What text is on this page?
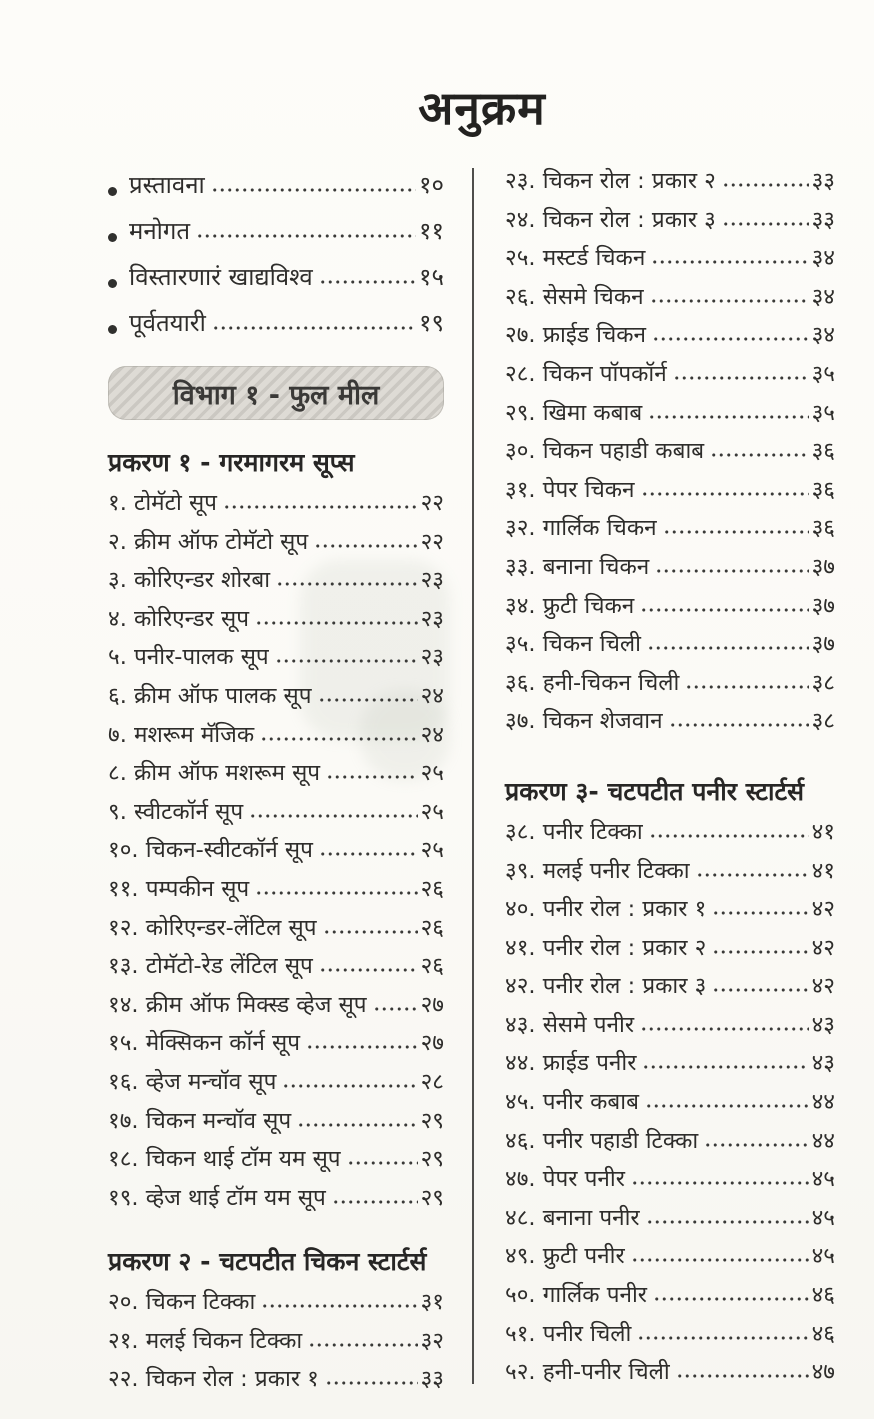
अनुक्रम
प्रस्तावना	१०
मनोगत	११
विस्तारणारं खाद्यविश्व	१५
पूर्वतयारी	१९
विभाग १ - फुल मील
प्रकरण १ - गरमागरम सूप्स
१. टोमॅटो सूप	२२
२. क्रीम ऑफ टोमॅटो सूप	२२
३. कोरिएन्डर शोरबा	२३
४. कोरिएन्डर सूप	२३
५. पनीर-पालक सूप	२३
६. क्रीम ऑफ पालक सूप	२४
७. मशरूम मॅजिक	२४
८. क्रीम ऑफ मशरूम सूप	२५
९. स्वीटकॉर्न सूप	२५
१०. चिकन-स्वीटकॉर्न सूप	२५
११. पम्पकीन सूप	२६
१२. कोरिएन्डर-लेंटिल सूप	२६
१३. टोमॅटो-रेड लेंटिल सूप	२६
१४. क्रीम ऑफ मिक्स्ड व्हेज सूप २७
१५. मेक्सिकन कॉर्न सूप	२७
१६. व्हेज मन्चॉव सूप	२८
१७. चिकन मन्चॉव सूप	२९
१८. चिकन थाई टॉम यम सूप	२९
१९. व्हेज थाई टॉम यम सूप	२९
प्रकरण २ - चटपटीत चिकन स्टार्टर्स
२०. चिकन टिक्का	३१
२१. मलई चिकन टिक्का	३२
२२. चिकन रोल : प्रकार १	३३
२३. चिकन रोल : प्रकार २	३३
२४. चिकन रोल : प्रकार ३	३३
२५. मस्टर्ड चिकन	३४
२६. सेसमे चिकन	३४
२७. फ्राईड चिकन	३४
२८. चिकन पॉपकॉर्न	३५
२९. खिमा कबाब	३५
३०. चिकन पहाडी कबाब	३६
३१. पेपर चिकन	३६
३२. गार्लिक चिकन	३६
३३. बनाना चिकन	३७
३४. फ्रुटी चिकन	३७
३५. चिकन चिली	३७
३६. हनी-चिकन चिली	३८
३७. चिकन शेजवान	३८
प्रकरण ३- चटपटीत पनीर स्टार्टर्स
३८. पनीर टिक्का	४१
३९. मलई पनीर टिक्का	४१
४०. पनीर रोल : प्रकार १	४२
४१. पनीर रोल : प्रकार २	४२
४२. पनीर रोल : प्रकार ३	४२
४३. सेसमे पनीर	४३
४४. फ्राईड पनीर	४३
४५. पनीर कबाब	४४
४६. पनीर पहाडी टिक्का	४४
४७. पेपर पनीर	४५
४८. बनाना पनीर	४५
४९. फ्रुटी पनीर	४५
५०. गार्लिक पनीर	४६
५१. पनीर चिली	४६
५२. हनी-पनीर चिली	४७
